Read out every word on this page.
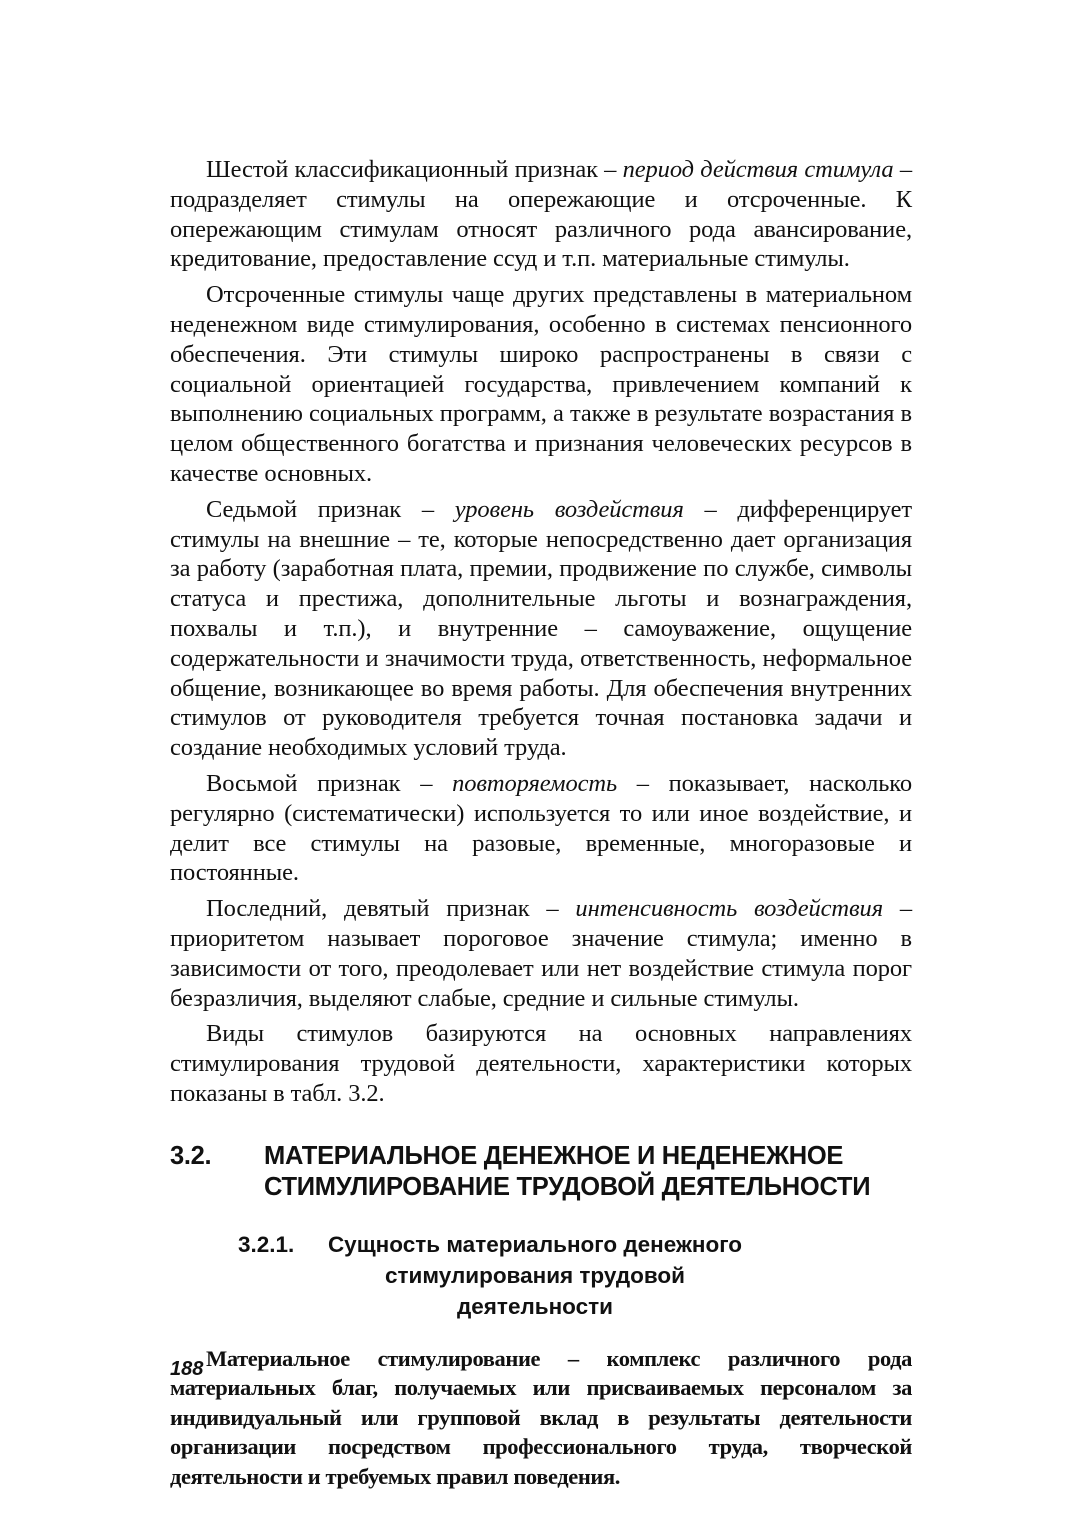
Шестой классификационный признак – период действия стимула – подразделяет стимулы на опережающие и отсроченные. К опережающим стимулам относят различного рода авансирование, кредитование, предоставление ссуд и т.п. материальные стимулы.

Отсроченные стимулы чаще других представлены в материальном неденежном виде стимулирования, особенно в системах пенсионного обеспечения. Эти стимулы широко распространены в связи с социальной ориентацией государства, привлечением компаний к выполнению социальных программ, а также в результате возрастания в целом общественного богатства и признания человеческих ресурсов в качестве основных.

Седьмой признак – уровень воздействия – дифференцирует стимулы на внешние – те, которые непосредственно дает организация за работу (заработная плата, премии, продвижение по службе, символы статуса и престижа, дополнительные льготы и вознаграждения, похвалы и т.п.), и внутренние – самоуважение, ощущение содержательности и значимости труда, ответственность, неформальное общение, возникающее во время работы. Для обеспечения внутренних стимулов от руководителя требуется точная постановка задачи и создание необходимых условий труда.

Восьмой признак – повторяемость – показывает, насколько регулярно (систематически) используется то или иное воздействие, и делит все стимулы на разовые, временные, многоразовые и постоянные.

Последний, девятый признак – интенсивность воздействия – приоритетом называет пороговое значение стимула; именно в зависимости от того, преодолевает или нет воздействие стимула порог безразличия, выделяют слабые, средние и сильные стимулы.

Виды стимулов базируются на основных направлениях стимулирования трудовой деятельности, характеристики которых показаны в табл. 3.2.

3.2.	МАТЕРИАЛЬНОЕ ДЕНЕЖНОЕ И НЕДЕНЕЖНОЕ СТИМУЛИРОВАНИЕ ТРУДОВОЙ ДЕЯТЕЛЬНОСТИ
3.2.1.	Сущность материального денежного стимулирования трудовой деятельности

Материальное стимулирование – комплекс различного рода материальных благ, получаемых или присваиваемых персоналом за индивидуальный или групповой вклад в результаты деятельности организации посредством профессионального труда, творческой деятельности и требуемых правил поведения.

188
